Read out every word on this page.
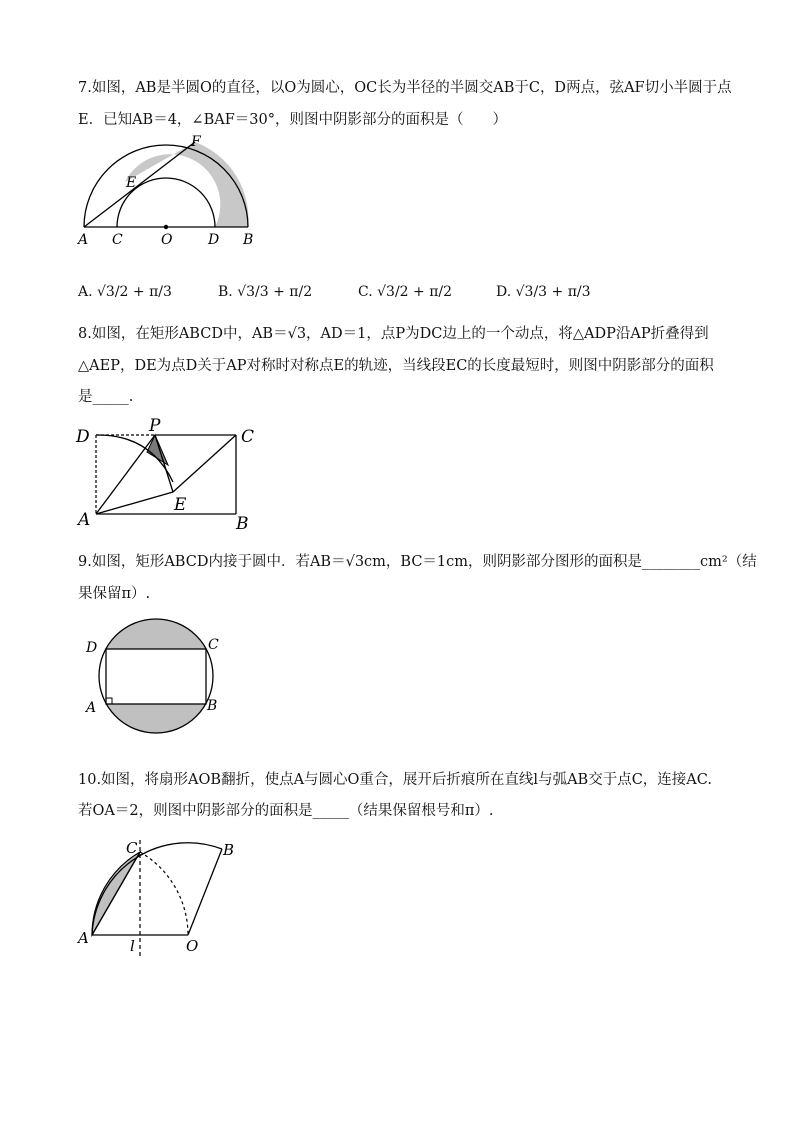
7.如图，AB是半圆O的直径，以O为圆心，OC长为半径的半圆交AB于C，D两点，弦AF切小半圆于点
E．已知AB＝4，∠BAF＝30°，则图中阴影部分的面积是（　　）
F
E
A C	O	D B
A. √3/2 + π/3	B. √3/3 + π/2	C. √3/2 + π/2	D. √3/3 + π/3
8.如图，在矩形ABCD中，AB＝√3，AD＝1，点P为DC边上的一个动点，将△ADP沿AP折叠得到
△AEP，DE为点D关于AP对称时对称点E的轨迹，当线段EC的长度最短时，则图中阴影部分的面积
是_____.
D
P
C
A
E
B
9.如图，矩形ABCD内接于圆中．若AB＝√3cm，BC＝1cm，则阴影部分图形的面积是________cm²（结
果保留π）.
D	C
A	B
10.如图，将扇形AOB翻折，使点A与圆心O重合，展开后折痕所在直线l与弧AB交于点C，连接AC.
若OA＝2，则图中阴影部分的面积是_____（结果保留根号和π）.
C	B
A	l	O
